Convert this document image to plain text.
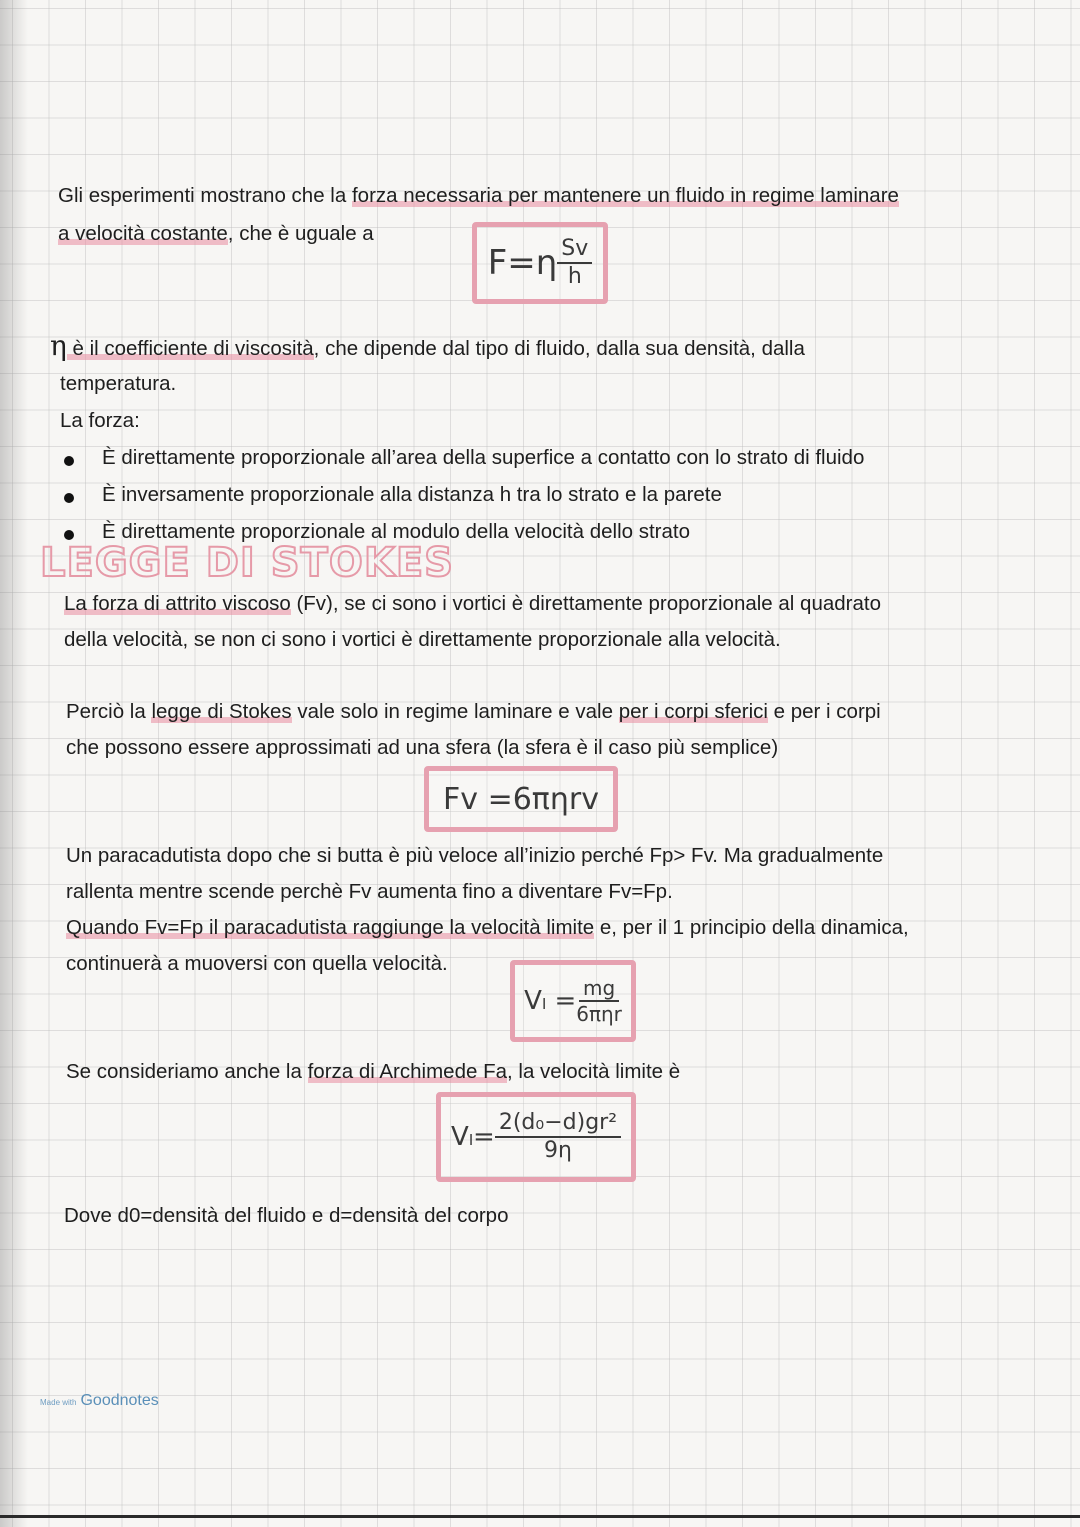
Gli esperimenti mostrano che la forza necessaria per mantenere un fluido in regime laminare
a velocità costante, che è uguale a
$F=\eta \frac{Sv}{h}$
η è il coefficiente di viscosità, che dipende dal tipo di fluido, dalla sua densità, dalla
temperatura.
La forza:
È direttamente proporzionale all’area della superfice a contatto con lo strato di fluido
È inversamente proporzionale alla distanza h tra lo strato e la parete
È direttamente proporzionale al modulo della velocità dello strato
LEGGE DI STOKES
La forza di attrito viscoso (Fv), se ci sono i vortici è direttamente proporzionale al quadrato
della velocità, se non ci sono i vortici è direttamente proporzionale alla velocità.
Perciò la legge di Stokes vale solo in regime laminare e vale per i corpi sferici e per i corpi
che possono essere approssimati ad una sfera (la sfera è il caso più semplice)
Fv =6πηrv
Un paracadutista dopo che si butta è più veloce all’inizio perché Fp> Fv. Ma gradualmente
rallenta mentre scende perchè Fv aumenta fino a diventare Fv=Fp.
Quando Fv=Fp il paracadutista raggiunge la velocità limite e, per il 1 principio della dinamica,
continuerà a muoversi con quella velocità.
$V_l = \frac{mg}{\text{6πηr}}$
Se consideriamo anche la forza di Archimede Fa, la velocità limite è
$V_l= \frac{\text{2(d₀−d)gr²}}{9\eta}$
Dove d0=densità del fluido e d=densità del corpo
Made with Goodnotes
